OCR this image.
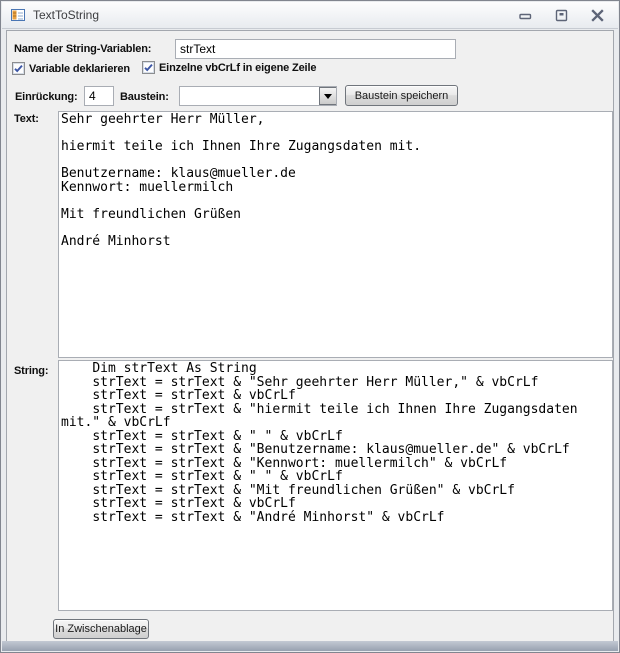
TextToString
Name der String-Variablen:
strText
Variable deklarieren	Einzelne vbCrLf in eigene Zeile
Einrückung:
4	Baustein:	Baustein speichern
Text:
Sehr geehrter Herr Müller, hiermit teile ich Ihnen Ihre Zugangsdaten mit. Benutzername: klaus@mueller.de Kennwort: muellermilch Mit freundlichen Grüßen André Minhorst
String:
Dim strText As String strText = strText & "Sehr geehrter Herr Müller," & vbCrLf strText = strText & vbCrLf strText = strText & "hiermit teile ich Ihnen Ihre Zugangsdaten mit." & vbCrLf strText = strText & " " & vbCrLf strText = strText & "Benutzername: klaus@mueller.de" & vbCrLf strText = strText & "Kennwort: muellermilch" & vbCrLf strText = strText & " " & vbCrLf strText = strText & "Mit freundlichen Grüßen" & vbCrLf strText = strText & vbCrLf strText = strText & "André Minhorst" & vbCrLf
In Zwischenablage
